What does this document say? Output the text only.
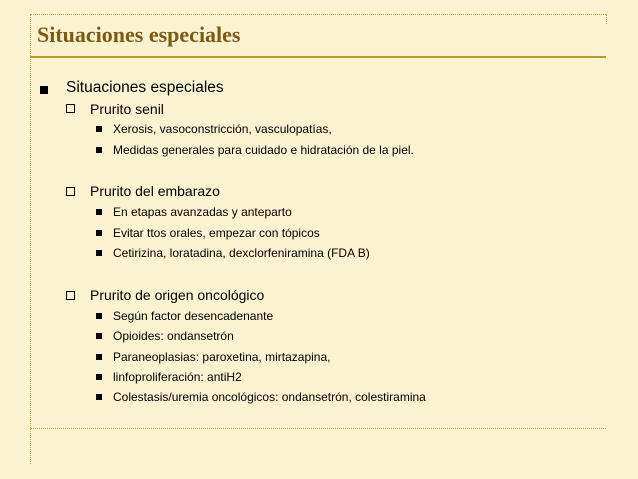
Situaciones especiales
Situaciones especiales
Prurito senil
Xerosis, vasoconstricción, vasculopatías,
Medidas generales para cuidado e hidratación de la piel.
Prurito del embarazo
En etapas avanzadas y anteparto
Evitar ttos orales, empezar con tópicos
Cetirizina, loratadina, dexclorfeniramina (FDA B)
Prurito de origen oncológico
Según factor desencadenante
Opioides: ondansetrón
Paraneoplasias: paroxetina, mirtazapina,
linfoproliferación: antiH2
Colestasis/uremia oncológicos: ondansetrón, colestiramina
